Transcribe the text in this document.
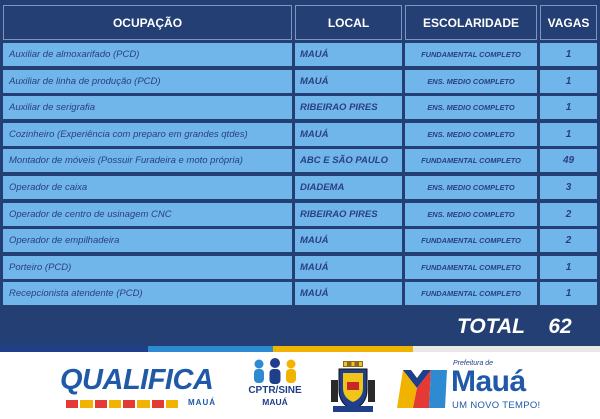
OCUPAÇÃO	LOCAL	ESCOLARIDADE	VAGAS
Auxiliar de almoxarifado (PCD)	MAUÁ	FUNDAMENTAL COMPLETO	1
Auxiliar de linha de produção (PCD)	MAUÁ	ENS. MEDIO COMPLETO	1
Auxiliar de serigrafia	RIBEIRAO PIRES	ENS. MEDIO COMPLETO	1
Cozinheiro (Experiência com preparo em grandes qtdes)	MAUÁ	ENS. MEDIO COMPLETO	1
Montador de móveis (Possuir Furadeira e moto própria)	ABC E SÃO PAULO	FUNDAMENTAL COMPLETO	49
Operador de caixa	DIADEMA	ENS. MEDIO COMPLETO	3
Operador de centro de usinagem CNC	RIBEIRAO PIRES	ENS. MEDIO COMPLETO	2
Operador de empilhadeira	MAUÁ	FUNDAMENTAL COMPLETO	2
Porteiro (PCD)	MAUÁ	FUNDAMENTAL COMPLETO	1
Recepcionista atendente (PCD)	MAUÁ	FUNDAMENTAL COMPLETO	1
TOTAL	62
QUALIFICA
MAUÁ
CPTR/SINE
MAUÁ
Prefeitura de
Mauá
UM NOVO TEMPO!
